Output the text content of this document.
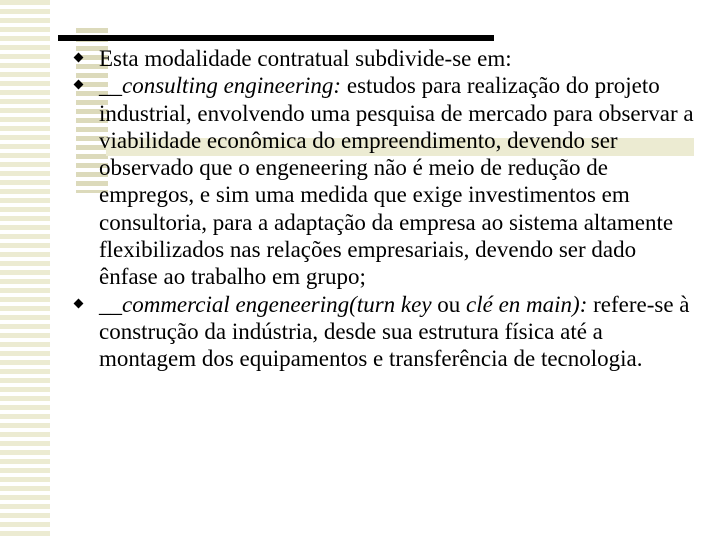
Esta modalidade contratual subdivide-se em:
__consulting engineering: estudos para realização do projeto industrial, envolvendo uma pesquisa de mercado para observar a viabilidade econômica do empreendimento, devendo ser observado que o engeneering não é meio de redução de empregos, e sim uma medida que exige investimentos em consultoria, para a adaptação da empresa ao sistema altamente flexibilizados nas relações empresariais, devendo ser dado ênfase ao trabalho em grupo;
__commercial engeneering(turn key ou clé en main): refere-se à construção da indústria, desde sua estrutura física até a montagem dos equipamentos e transferência de tecnologia.
